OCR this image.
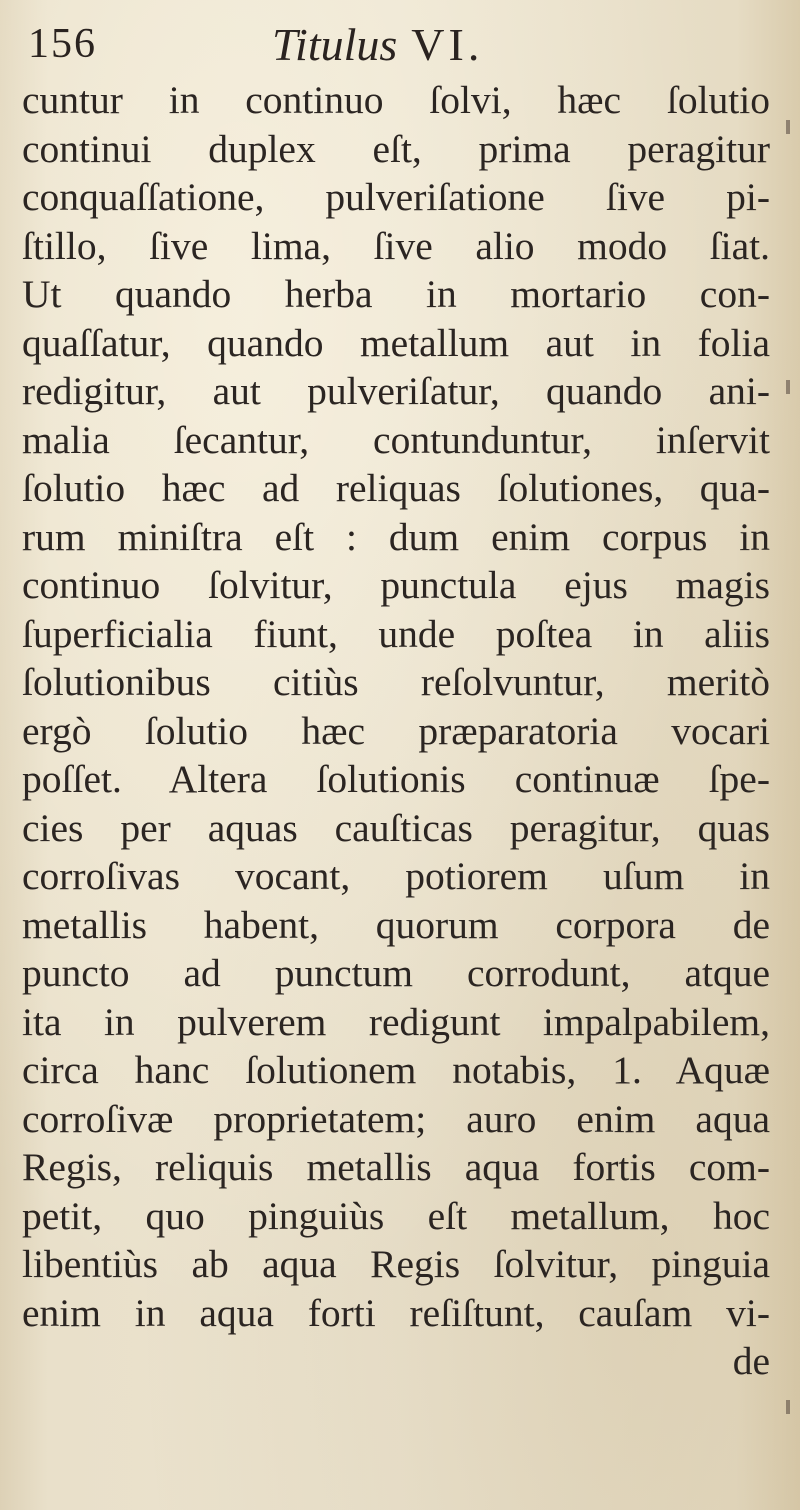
156	Titulus VI.
cuntur in continuo ſolvi, hæc ſolutio
continui duplex eſt, prima peragitur
conquaſſatione, pulveriſatione ſive pi-
ſtillo, ſive lima, ſive alio modo ſiat.
Ut quando herba in mortario con-
quaſſatur, quando metallum aut in folia
redigitur, aut pulveriſatur, quando ani-
malia ſecantur, contunduntur, inſervit
ſolutio hæc ad reliquas ſolutiones, qua-
rum miniſtra eſt : dum enim corpus in
continuo ſolvitur, punctula ejus magis
ſuperficialia fiunt, unde poſtea in aliis
ſolutionibus citiùs reſolvuntur, meritò
ergò ſolutio hæc præparatoria vocari
poſſet. Altera ſolutionis continuæ ſpe-
cies per aquas cauſticas peragitur, quas
corroſivas vocant, potiorem uſum in
metallis habent, quorum corpora de
puncto ad punctum corrodunt, atque
ita in pulverem redigunt impalpabilem,
circa hanc ſolutionem notabis, 1. Aquæ
corroſivæ proprietatem; auro enim aqua
Regis, reliquis metallis aqua fortis com-
petit, quo pinguiùs eſt metallum, hoc
libentiùs ab aqua Regis ſolvitur, pinguia
enim in aqua forti reſiſtunt, cauſam vi-
de
